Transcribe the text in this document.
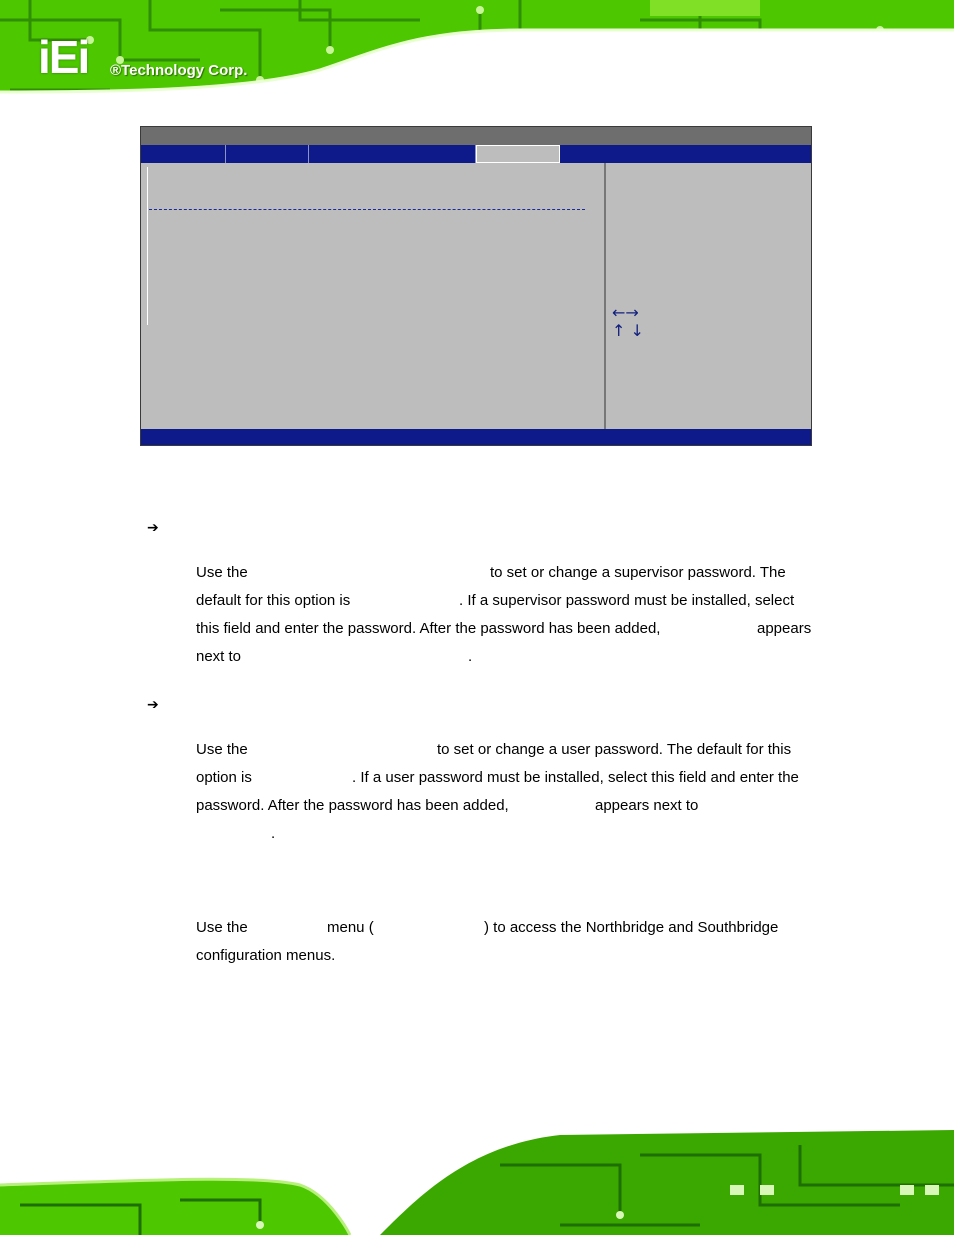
iEi ®Technology Corp.
←→
↑ ↓
➔
Use the	to set or change a supervisor password. The
default for this option is	. If a supervisor password must be installed, select
this field and enter the password. After the password has been added,	appears
next to	.
➔
Use the	to set or change a user password. The default for this
option is	. If a user password must be installed, select this field and enter the
password. After the password has been added,	appears next to
.
Use the	menu (	) to access the Northbridge and Southbridge
configuration menus.
